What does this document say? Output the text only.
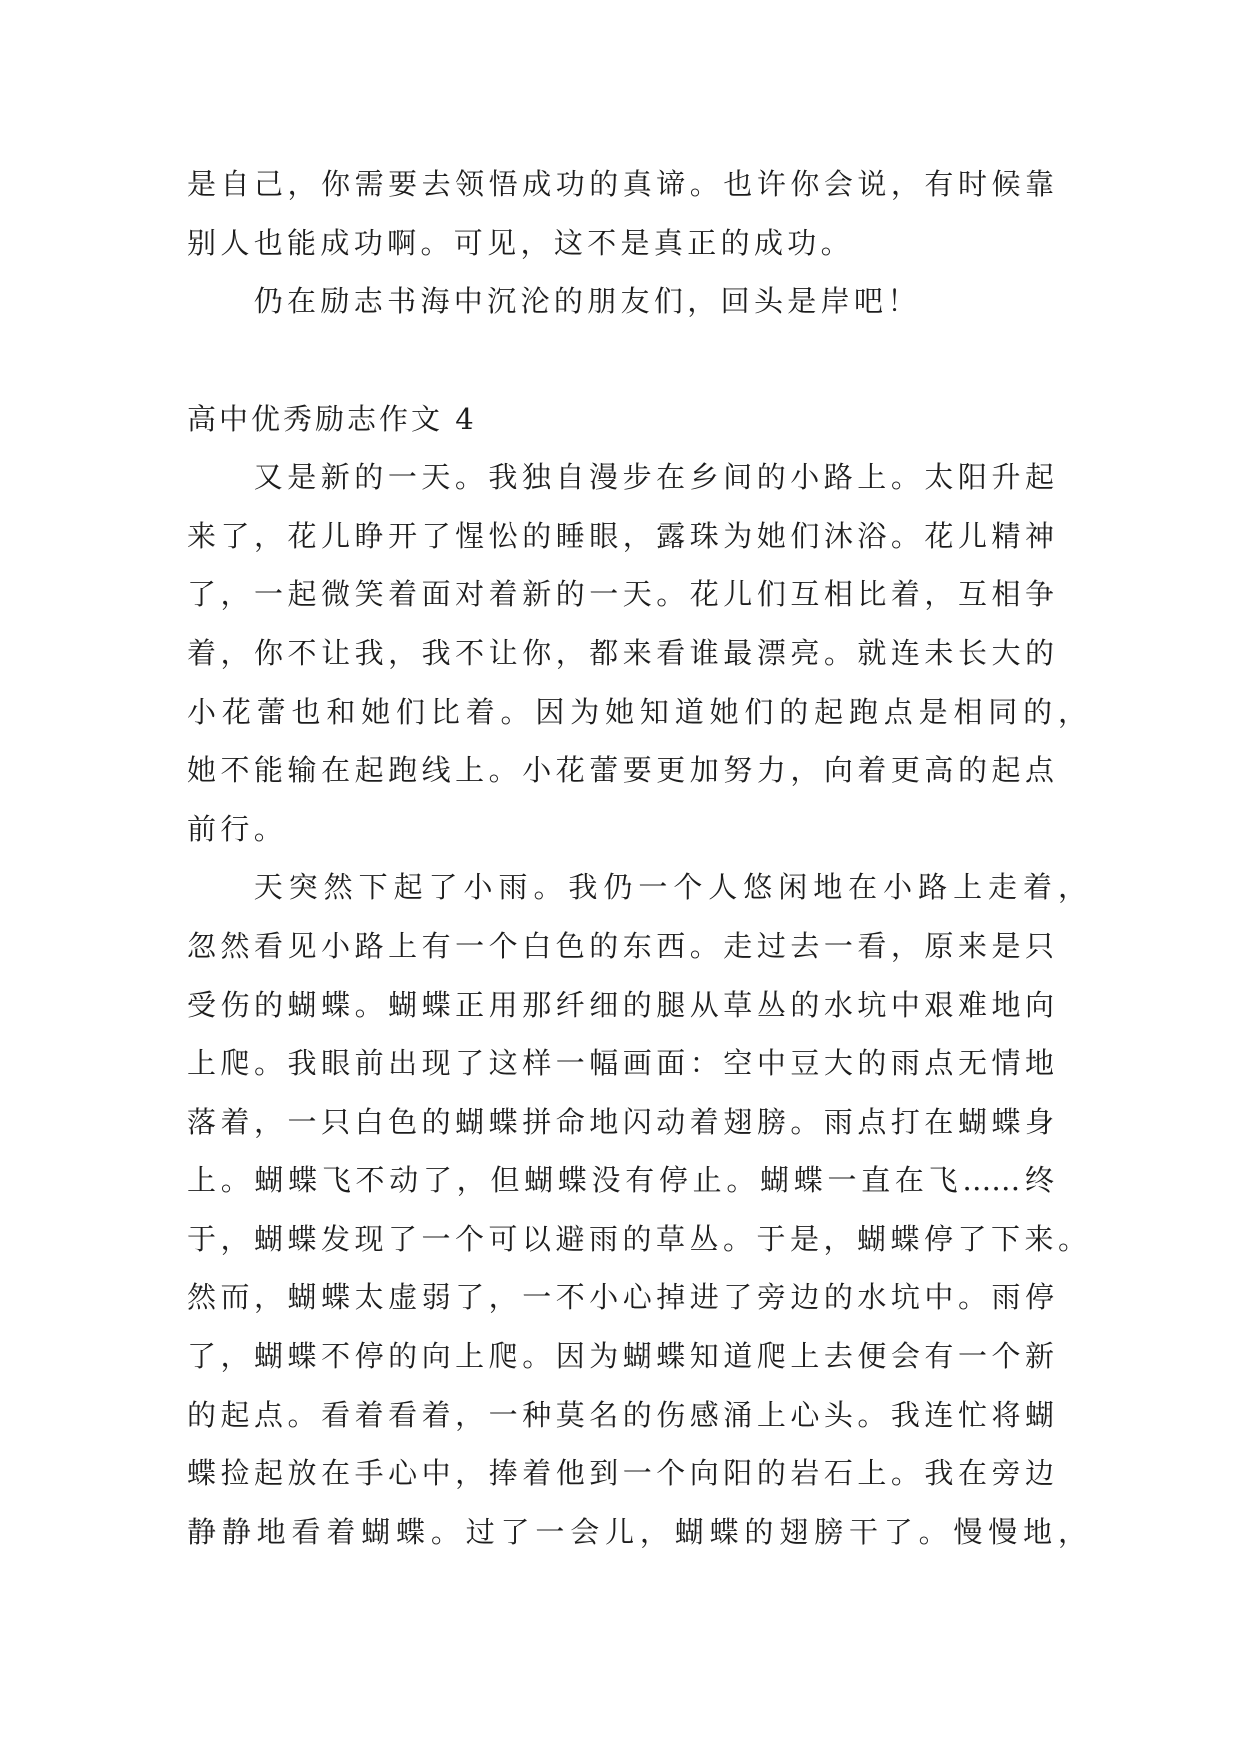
是自己，你需要去领悟成功的真谛。也许你会说，有时候靠
别人也能成功啊。可见，这不是真正的成功。
仍在励志书海中沉沦的朋友们，回头是岸吧！
高中优秀励志作文 4
又是新的一天。我独自漫步在乡间的小路上。太阳升起
来了，花儿睁开了惺忪的睡眼，露珠为她们沐浴。花儿精神
了，一起微笑着面对着新的一天。花儿们互相比着，互相争
着，你不让我，我不让你，都来看谁最漂亮。就连未长大的
小花蕾也和她们比着。因为她知道她们的起跑点是相同的，
她不能输在起跑线上。小花蕾要更加努力，向着更高的起点
前行。
天突然下起了小雨。我仍一个人悠闲地在小路上走着，
忽然看见小路上有一个白色的东西。走过去一看，原来是只
受伤的蝴蝶。蝴蝶正用那纤细的腿从草丛的水坑中艰难地向
上爬。我眼前出现了这样一幅画面：空中豆大的雨点无情地
落着，一只白色的蝴蝶拼命地闪动着翅膀。雨点打在蝴蝶身
上。蝴蝶飞不动了，但蝴蝶没有停止。蝴蝶一直在飞……终
于，蝴蝶发现了一个可以避雨的草丛。于是，蝴蝶停了下来。
然而，蝴蝶太虚弱了，一不小心掉进了旁边的水坑中。雨停
了，蝴蝶不停的向上爬。因为蝴蝶知道爬上去便会有一个新
的起点。看着看着，一种莫名的伤感涌上心头。我连忙将蝴
蝶捡起放在手心中，捧着他到一个向阳的岩石上。我在旁边
静静地看着蝴蝶。过了一会儿，蝴蝶的翅膀干了。慢慢地，
